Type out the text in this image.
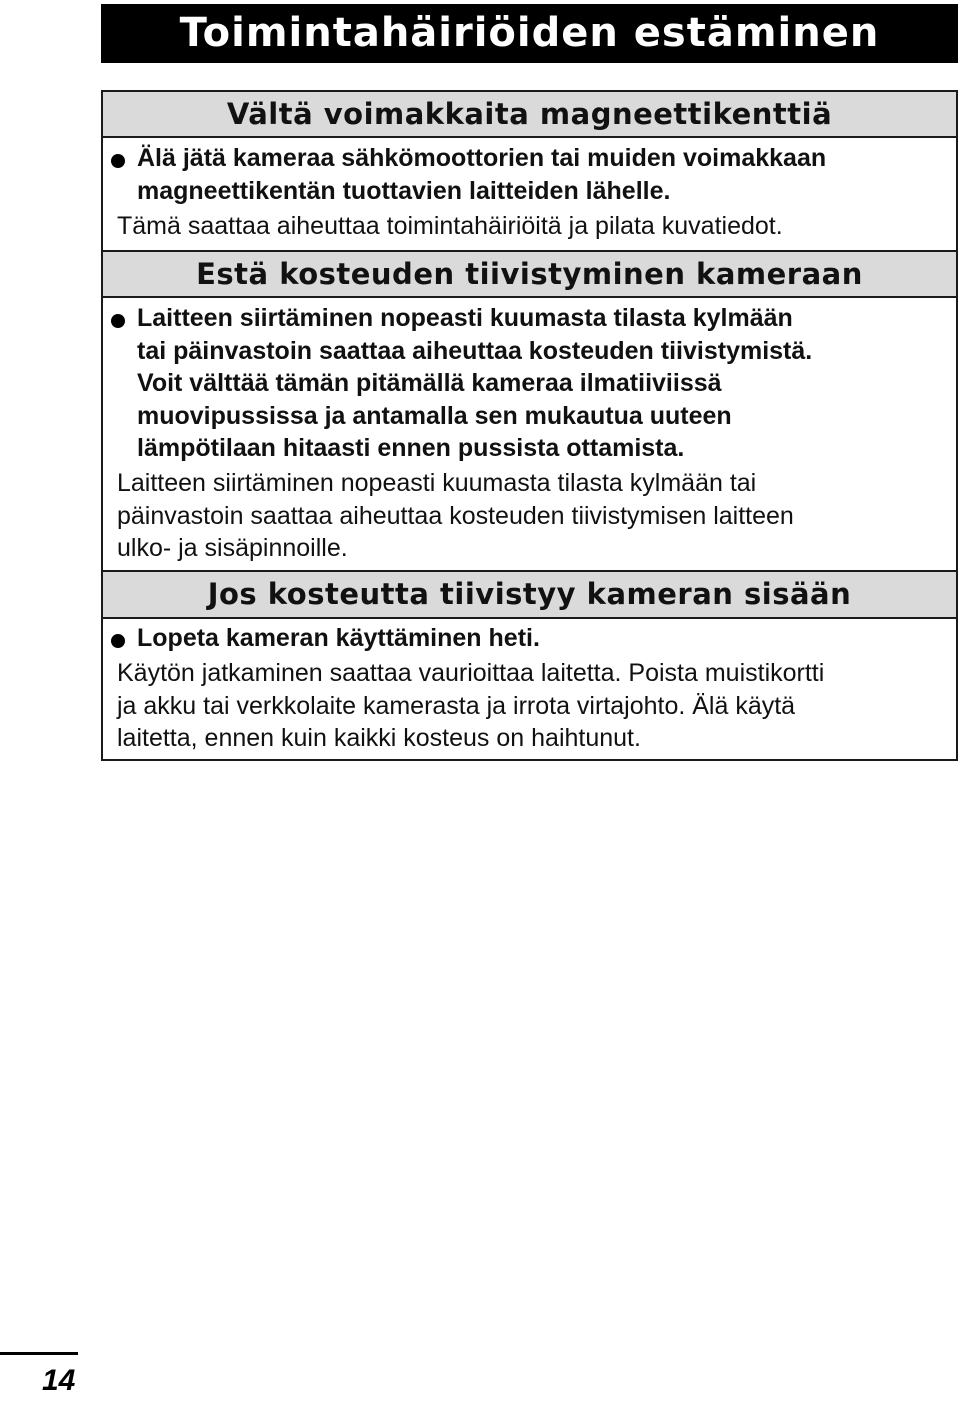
Toimintahäiriöiden estäminen
Vältä voimakkaita magneettikenttiä
Älä jätä kameraa sähkömoottorien tai muiden voimakkaan
magneettikentän tuottavien laitteiden lähelle.
Tämä saattaa aiheuttaa toimintahäiriöitä ja pilata kuvatiedot.
Estä kosteuden tiivistyminen kameraan
Laitteen siirtäminen nopeasti kuumasta tilasta kylmään
tai päinvastoin saattaa aiheuttaa kosteuden tiivistymistä.
Voit välttää tämän pitämällä kameraa ilmatiiviissä
muovipussissa ja antamalla sen mukautua uuteen
lämpötilaan hitaasti ennen pussista ottamista.
Laitteen siirtäminen nopeasti kuumasta tilasta kylmään tai
päinvastoin saattaa aiheuttaa kosteuden tiivistymisen laitteen
ulko- ja sisäpinnoille.
Jos kosteutta tiivistyy kameran sisään
Lopeta kameran käyttäminen heti.
Käytön jatkaminen saattaa vaurioittaa laitetta. Poista muistikortti
ja akku tai verkkolaite kamerasta ja irrota virtajohto. Älä käytä
laitetta, ennen kuin kaikki kosteus on haihtunut.
14
